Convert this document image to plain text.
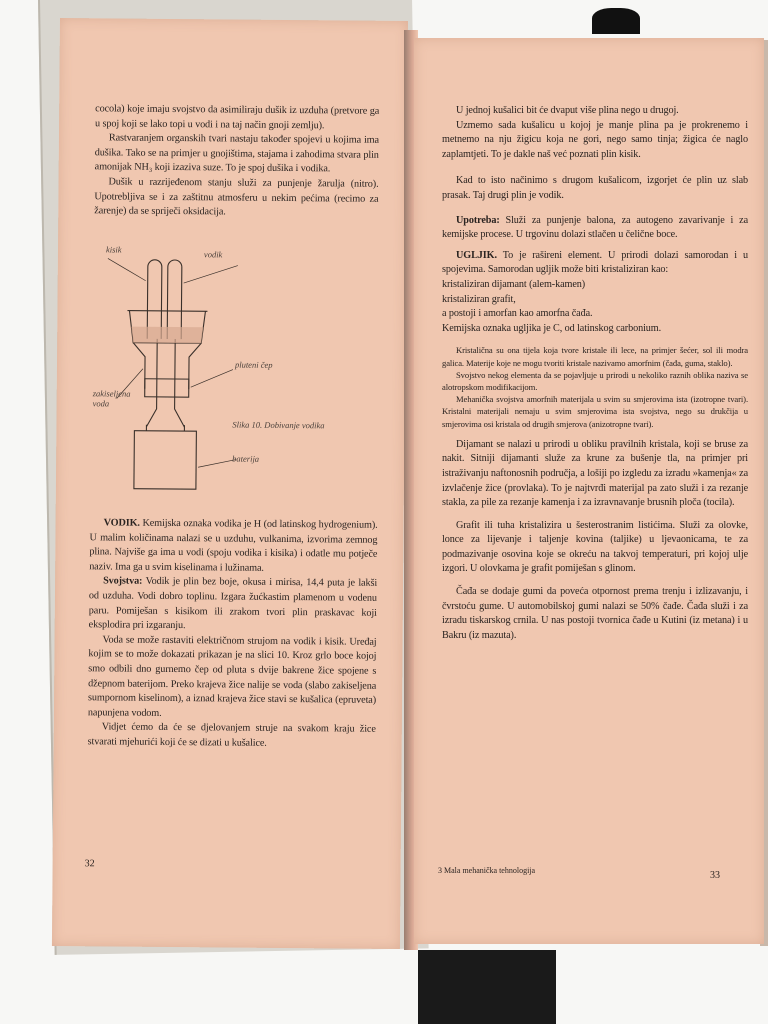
cocola) koje imaju svojstvo da asimiliraju dušik iz uzduha (pretvore ga u spoj koji se lako topi u vodi i na taj način gnoji zemlju).

Rastvaranjem organskih tvari nastaju također spojevi u kojima ima dušika. Tako se na primjer u gnojištima, stajama i zahodima stvara plin amonijak NH₃ koji izaziva suze. To je spoj dušika i vodika.

Dušik u razrijeđenom stanju služi za punjenje žarulja (nitro). Upotrebljiva se i za zaštitnu atmosferu u nekim pećima (recimo za žarenje) da se spriječi oksidacija.

kisik	vodik
pluteni čep
zakiseljena voda
baterija
Slika 10. Dobivanje vodika

VODIK. Kemijska oznaka vodika je H (od latinskog hydrogenium). U malim količinama nalazi se u uzduhu, vulkanima, izvorima zemnog plina. Najviše ga ima u vodi (spoju vodika i kisika) i odatle mu potječe naziv. Ima ga u svim kiselinama i lužinama.

Svojstva: Vodik je plin bez boje, okusa i mirisa, 14,4 puta je lakši od uzduha. Vodi dobro toplinu. Izgara žućkastim plamenom u vodenu paru. Pomiješan s kisikom ili zrakom tvori plin praskavac koji eksplodira pri izgaranju.

Voda se može rastaviti električnom strujom na vodik i kisik. Uređaj kojim se to može dokazati prikazan je na slici 10. Kroz grlo boce kojoj smo odbili dno gurnemo čep od pluta s dvije bakrene žice spojene s džepnom baterijom. Preko krajeva žice nalije se voda (slabo zakiseljena sumpornom kiselinom), a iznad krajeva žice stavi se kušalica (epruveta) napunjena vodom.

Vidjet ćemo da će se djelovanjem struje na svakom kraju žice stvarati mjehurići koji će se dizati u kušalice.

32

U jednoj kušalici bit će dvaput više plina nego u drugoj.

Uzmemo sada kušalicu u kojoj je manje plina pa je prokrenemo i metnemo na nju žigicu koja ne gori, nego samo tinja; žigica će naglo zaplamtjeti. To je dakle naš već poznati plin kisik.

Kad to isto načinimo s drugom kušalicom, izgorjet će plin uz slab prasak. Taj drugi plin je vodik.

Upotreba: Služi za punjenje balona, za autogeno zavarivanje i za kemijske procese. U trgovinu dolazi stlačen u čelične boce.

UGLJIK. To je rašireni element. U prirodi dolazi samorodan i u spojevima. Samorodan ugljik može biti kristaliziran kao:

kristaliziran dijamant (alem-kamen)

kristaliziran grafit,

a postoji i amorfan kao amorfna čađa.

Kemijska oznaka ugljika je C, od latinskog carbonium.

Kristalična su ona tijela koja tvore kristale ili lece, na primjer šećer, sol ili modra galica. Materije koje ne mogu tvoriti kristale nazivamo amorfnim (čađa, guma, staklo).

Svojstvo nekog elementa da se pojavljuje u prirodi u nekoliko raznih oblika naziva se alotropskom modifikacijom.

Mehanička svojstva amorfnih materijala u svim su smjerovima ista (izotropne tvari). Kristalni materijali nemaju u svim smjerovima ista svojstva, nego su drukčija u smjerovima osi kristala od drugih smjerova (anizotropne tvari).

Dijamant se nalazi u prirodi u obliku pravilnih kristala, koji se bruse za nakit. Sitniji dijamanti služe za krune za bušenje tla, na primjer pri istraživanju naftonosnih područja, a lošiji po izgledu za izradu »kamenja« za izvlačenje žice (provlaka). To je najtvrđi materijal pa zato služi i za rezanje stakla, za pile za rezanje kamenja i za izravnavanje brusnih ploča (tocila).

Grafit ili tuha kristalizira u šesterostranim listićima. Služi za olovke, lonce za lijevanje i taljenje kovina (taljike) u ljevaonicama, te za podmazivanje osovina koje se okreću na takvoj temperaturi, pri kojoj ulje izgori. U olovkama je grafit pomiješan s glinom.

Čađa se dodaje gumi da poveća otpornost prema trenju i izlizavanju, i čvrstoću gume. U automobilskoj gumi nalazi se 50% čađe. Čađa služi i za izradu tiskarskog crnila. U nas postoji tvornica čađe u Kutini (iz metana) i u Bakru (iz mazuta).

3 Mala mehanička tehnologija	33
